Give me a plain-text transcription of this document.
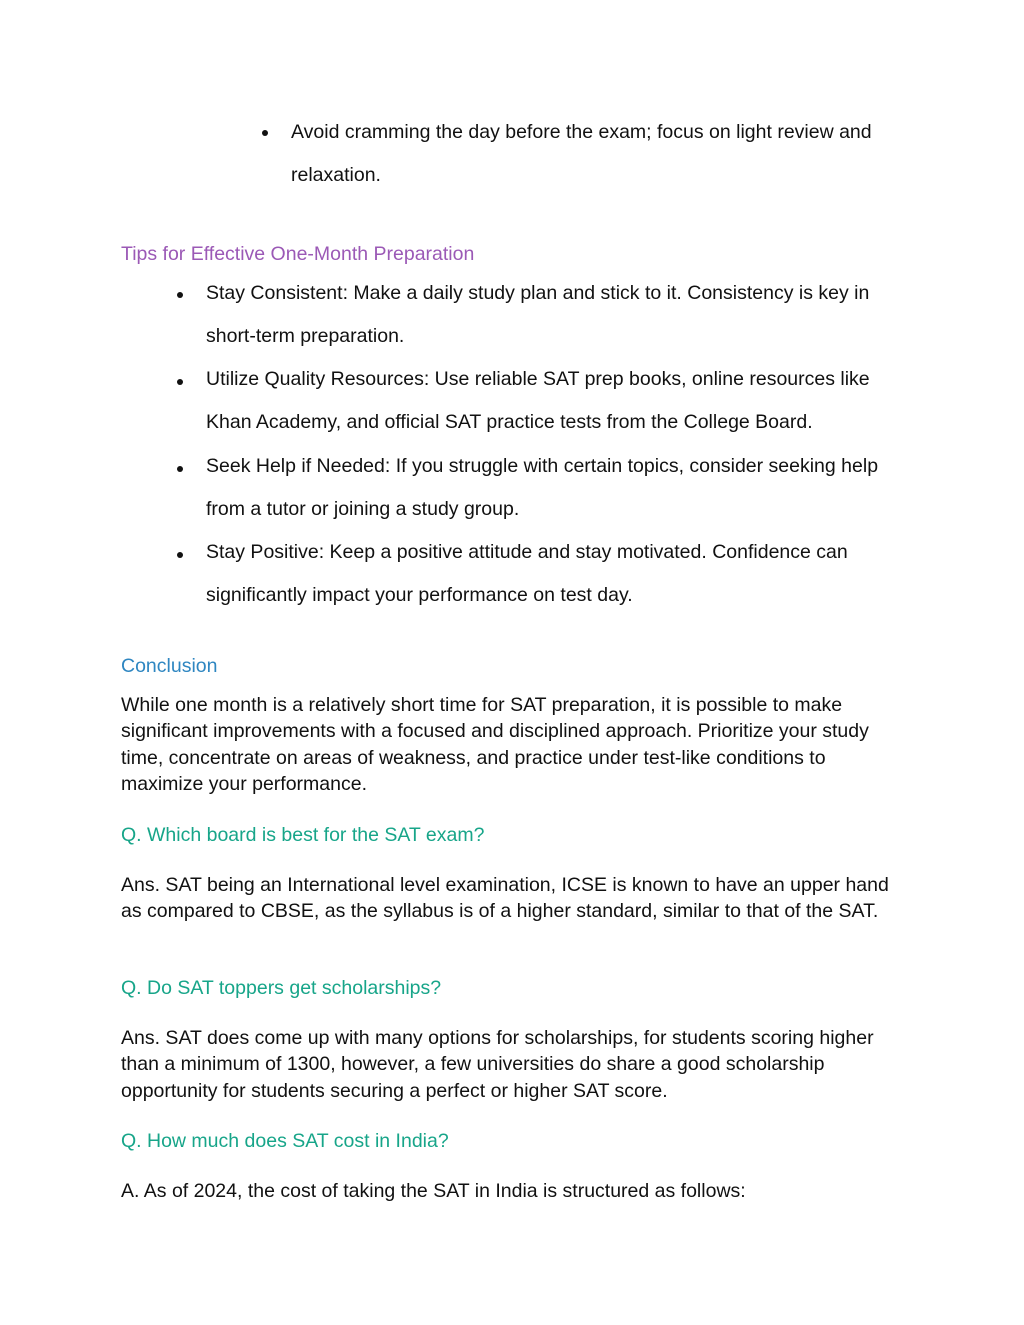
Avoid cramming the day before the exam; focus on light review and relaxation.
Tips for Effective One-Month Preparation
Stay Consistent: Make a daily study plan and stick to it. Consistency is key in short-term preparation.
Utilize Quality Resources: Use reliable SAT prep books, online resources like Khan Academy, and official SAT practice tests from the College Board.
Seek Help if Needed: If you struggle with certain topics, consider seeking help from a tutor or joining a study group.
Stay Positive: Keep a positive attitude and stay motivated. Confidence can significantly impact your performance on test day.
Conclusion
While one month is a relatively short time for SAT preparation, it is possible to make significant improvements with a focused and disciplined approach. Prioritize your study time, concentrate on areas of weakness, and practice under test-like conditions to maximize your performance.
Q. Which board is best for the SAT exam?
Ans. SAT being an International level examination, ICSE is known to have an upper hand as compared to CBSE, as the syllabus is of a higher standard, similar to that of the SAT.
Q. Do SAT toppers get scholarships?
Ans. SAT does come up with many options for scholarships, for students scoring higher than a minimum of 1300, however, a few universities do share a good scholarship opportunity for students securing a perfect or higher SAT score.
Q. How much does SAT cost in India?
A. As of 2024, the cost of taking the SAT in India is structured as follows:
